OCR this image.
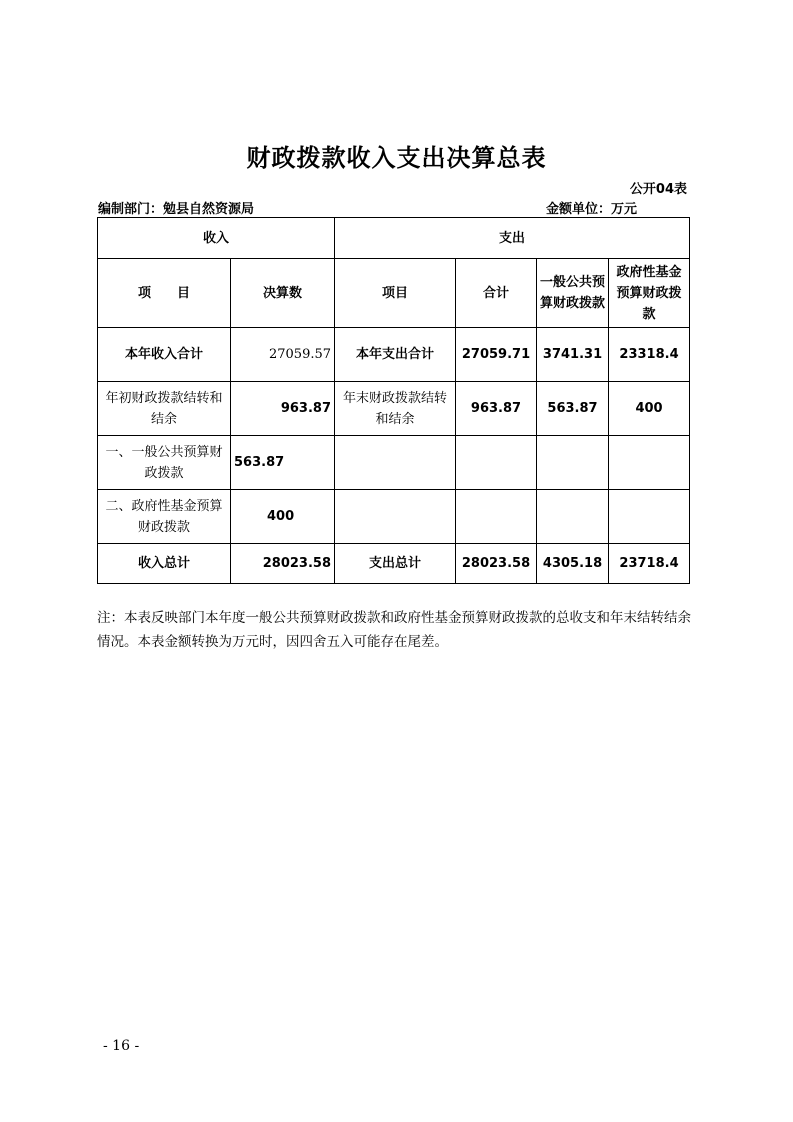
财政拨款收入支出决算总表
公开04表
编制部门：勉县自然资源局	金额单位：万元
收入		支出			
项　　目	决算数	项目	合计	一般公共预算财政拨款	政府性基金预算财政拨款
本年收入合计	27059.57	本年支出合计	27059.71	3741.31	23318.4
年初财政拨款结转和结余	963.87	年末财政拨款结转和结余	963.87	563.87	400
一、一般公共预算财政拨款	563.87				
二、政府性基金预算财政拨款	400				
收入总计	28023.58	支出总计	28023.58	4305.18	23718.4
注：本表反映部门本年度一般公共预算财政拨款和政府性基金预算财政拨款的总收支和年末结转结余情况。本表金额转换为万元时，因四舍五入可能存在尾差。
- 16 -
